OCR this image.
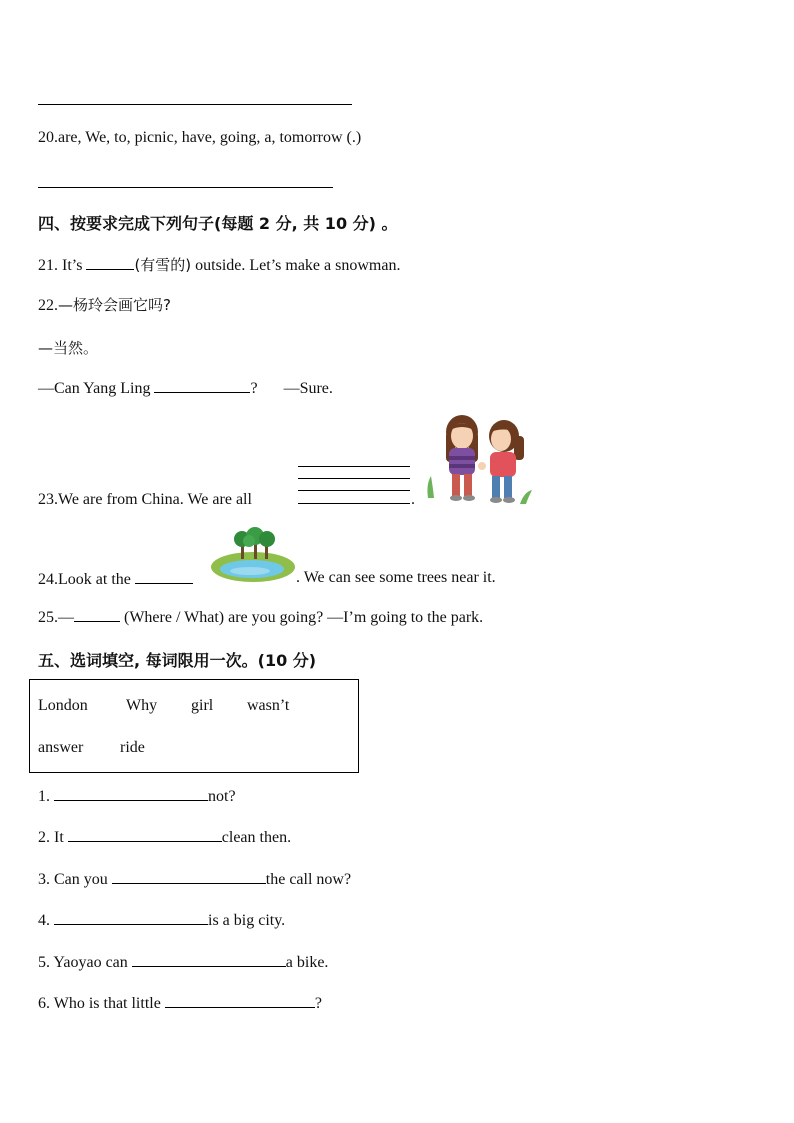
20.are, We, to, picnic, have, going, a, tomorrow (.)
四、按要求完成下列句子(每题 2 分, 共 10 分) 。
21. It’s	(有雪的) outside. Let’s make a snowman.
22.—杨玲会画它吗?
—当然。
—Can Yang Ling	? —Sure.
23.We are from China. We are all	.
24.Look at the	. We can see some trees near it.
25.—	(Where / What) are you going? —I’m going to the park.
五、选词填空, 每词限用一次。(10 分)
London Why girl wasn’t
answer ride
1.	not?
2. It	clean then.
3. Can you	the call now?
4.	is a big city.
5. Yaoyao can	a bike.
6. Who is that little	?
